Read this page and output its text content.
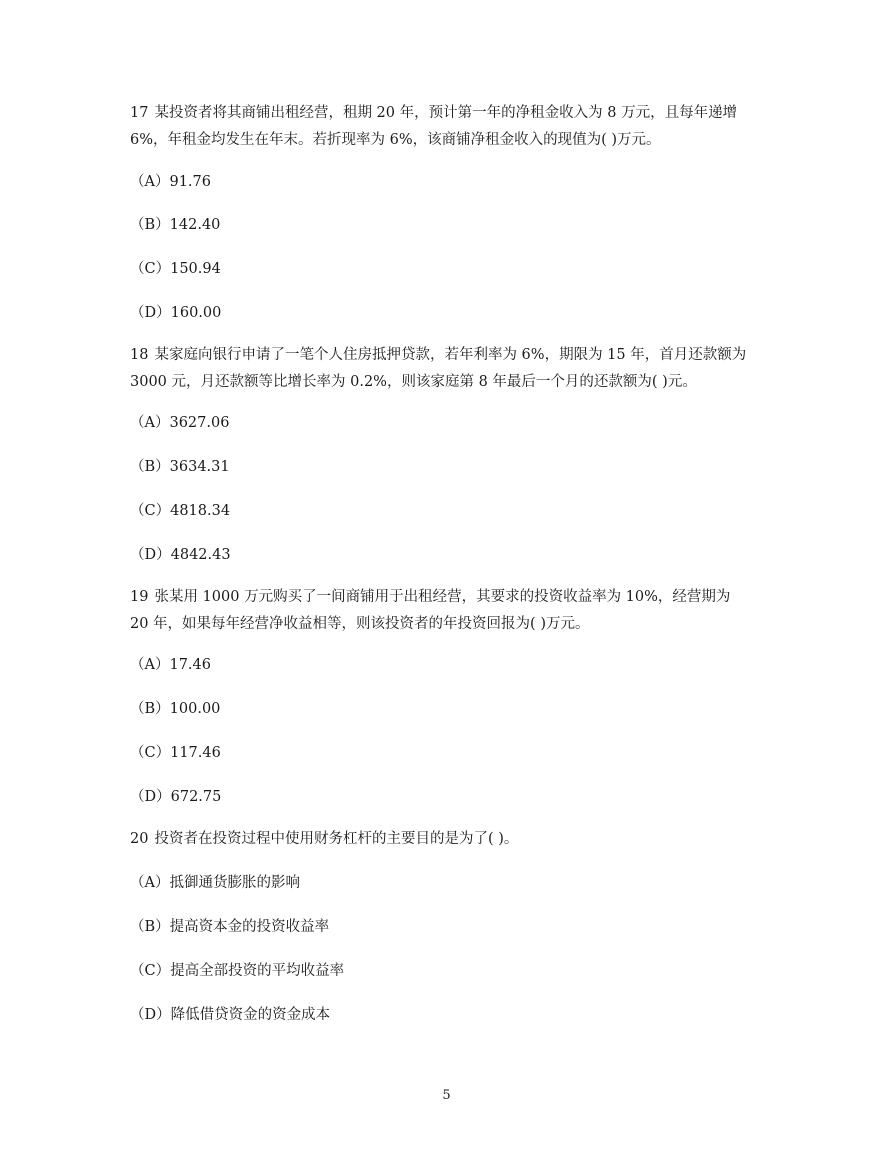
17 某投资者将其商铺出租经营，租期 20 年，预计第一年的净租金收入为 8 万元，且每年递增 6%，年租金均发生在年末。若折现率为 6%，该商铺净租金收入的现值为( )万元。

（A）91.76

（B）142.40

（C）150.94

（D）160.00

18 某家庭向银行申请了一笔个人住房抵押贷款，若年利率为 6%，期限为 15 年，首月还款额为 3000 元，月还款额等比增长率为 0.2%，则该家庭第 8 年最后一个月的还款额为( )元。

（A）3627.06

（B）3634.31

（C）4818.34

（D）4842.43

19 张某用 1000 万元购买了一间商铺用于出租经营，其要求的投资收益率为 10%，经营期为 20 年，如果每年经营净收益相等，则该投资者的年投资回报为( )万元。

（A）17.46

（B）100.00

（C）117.46

（D）672.75

20 投资者在投资过程中使用财务杠杆的主要目的是为了( )。

（A）抵御通货膨胀的影响

（B）提高资本金的投资收益率

（C）提高全部投资的平均收益率

（D）降低借贷资金的资金成本

5
